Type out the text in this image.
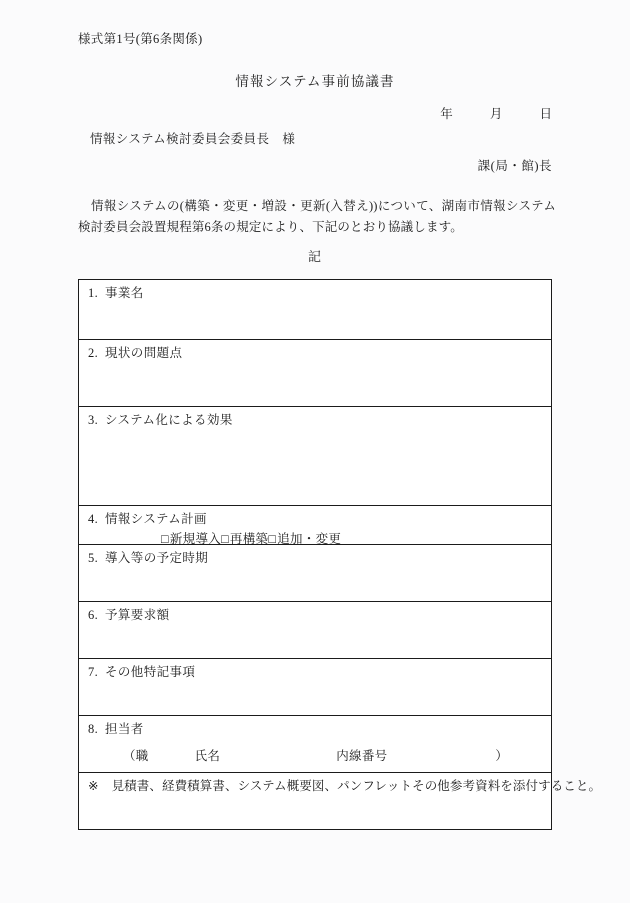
様式第1号(第6条関係)
情報システム事前協議書
年	月	日
情報システム検討委員会委員長 様
課(局・館)長
情報システムの(構築・変更・増設・更新(入替え))について、湖南市情報システム検討委員会設置規程第6条の規定により、下記のとおり協議します。
記
1. 事業名
2. 現状の問題点
3. システム化による効果
4. 情報システム計画
□新規導入□再構築□追加・変更
5. 導入等の予定時期
6. 予算要求額
7. その他特記事項
8. 担当者
（職	氏名	内線番号	）
※ 見積書、経費積算書、システム概要図、パンフレットその他参考資料を添付すること。
